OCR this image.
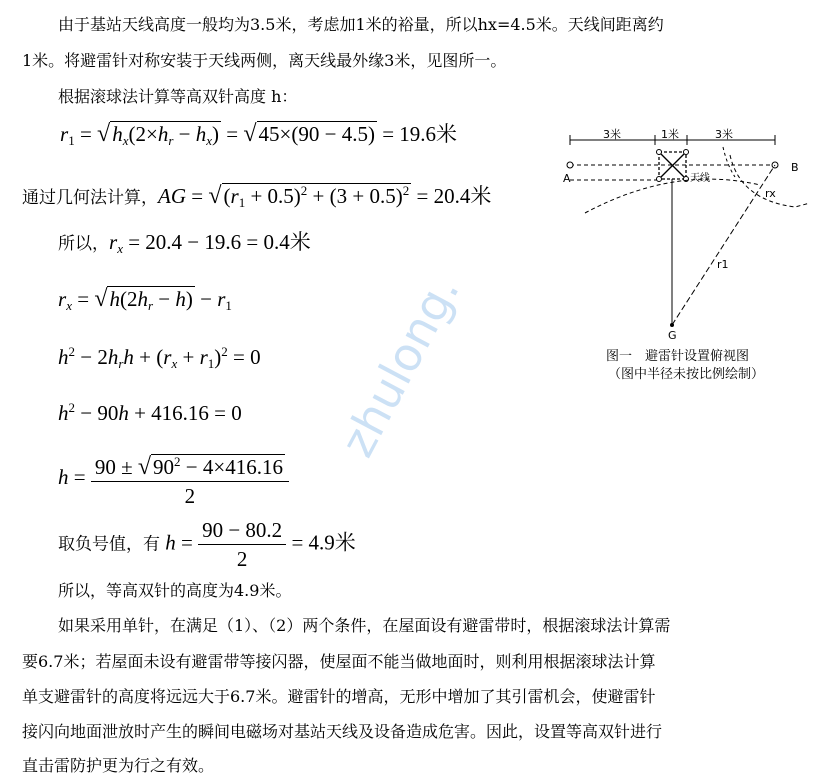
由于基站天线高度一般均为3.5米，考虑加1米的裕量，所以hx=4.5米。天线间距离约
1米。将避雷针对称安装于天线两侧，离天线最外缘3米，见图所一。
根据滚球法计算等高双针高度 h：
$r_1 = √h_x(2\times h_r - h_x) = √45\times(90 - 4.5) = 19.6$米
通过几何法计算，AG = $√(r_1 + 0.5)^2 + (3 + 0.5)^2 = 20.4$米
所以，$r_x = 20.4 - 19.6 = 0.4$米
$r_x = √h(2h_r - h) - r_1$
$h^2 - 2h_rh + (r_x + r_1)^2 = 0$
$h^2 - 90h + 416.16 = 0$
$h = \frac{90 \pm √90^2 - 4\times 416.16}{2}$
取负号值，有 $h = \frac{90 - 80.2}{2} = 4.9$米
所以，等高双针的高度为4.9米。
如果采用单针，在满足（1）、（2）两个条件，在屋面设有避雷带时，根据滚球法计算需
要6.7米；若屋面未设有避雷带等接闪器，使屋面不能当做地面时，则利用根据滚球法计算
单支避雷针的高度将远远大于6.7米。避雷针的增高，无形中增加了其引雷机会，使避雷针
接闪向地面泄放时产生的瞬间电磁场对基站天线及设备造成危害。因此，设置等高双针进行
直击雷防护更为行之有效。
3米	1米	3米
A
B
天线
rx
r1
G
图一　避雷针设置俯视图
（图中半径未按比例绘制）
zhulong.
